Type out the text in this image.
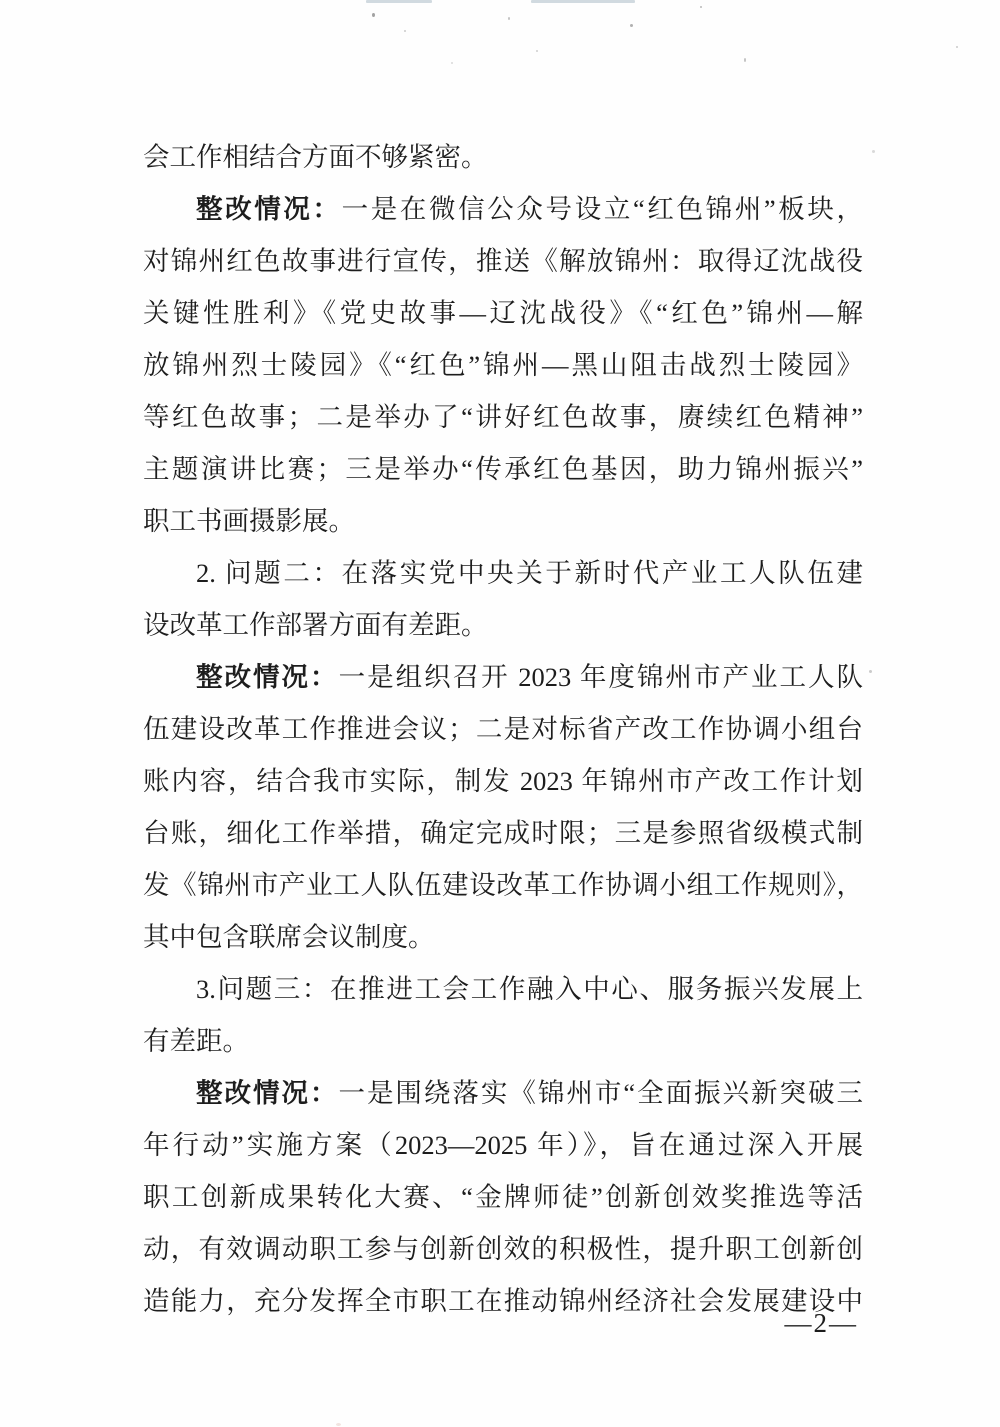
会工作相结合方面不够紧密。
整改情况：一是在微信公众号设立“红色锦州”板块，
对锦州红色故事进行宣传，推送《解放锦州：取得辽沈战役
关键性胜利》《党史故事—辽沈战役》《“红色”锦州—解
放锦州烈士陵园》《“红色”锦州—黑山阻击战烈士陵园》
等红色故事；二是举办了“讲好红色故事，赓续红色精神”
主题演讲比赛；三是举办“传承红色基因，助力锦州振兴”
职工书画摄影展。
2. 问题二：在落实党中央关于新时代产业工人队伍建
设改革工作部署方面有差距。
整改情况：一是组织召开 2023 年度锦州市产业工人队
伍建设改革工作推进会议；二是对标省产改工作协调小组台
账内容，结合我市实际，制发 2023 年锦州市产改工作计划
台账，细化工作举措，确定完成时限；三是参照省级模式制
发《锦州市产业工人队伍建设改革工作协调小组工作规则》，
其中包含联席会议制度。
3.问题三：在推进工会工作融入中心、服务振兴发展上
有差距。
整改情况：一是围绕落实《锦州市“全面振兴新突破三
年行动”实施方案（2023—2025 年）》，旨在通过深入开展
职工创新成果转化大赛、“金牌师徒”创新创效奖推选等活
动，有效调动职工参与创新创效的积极性，提升职工创新创
造能力，充分发挥全市职工在推动锦州经济社会发展建设中
—2—
